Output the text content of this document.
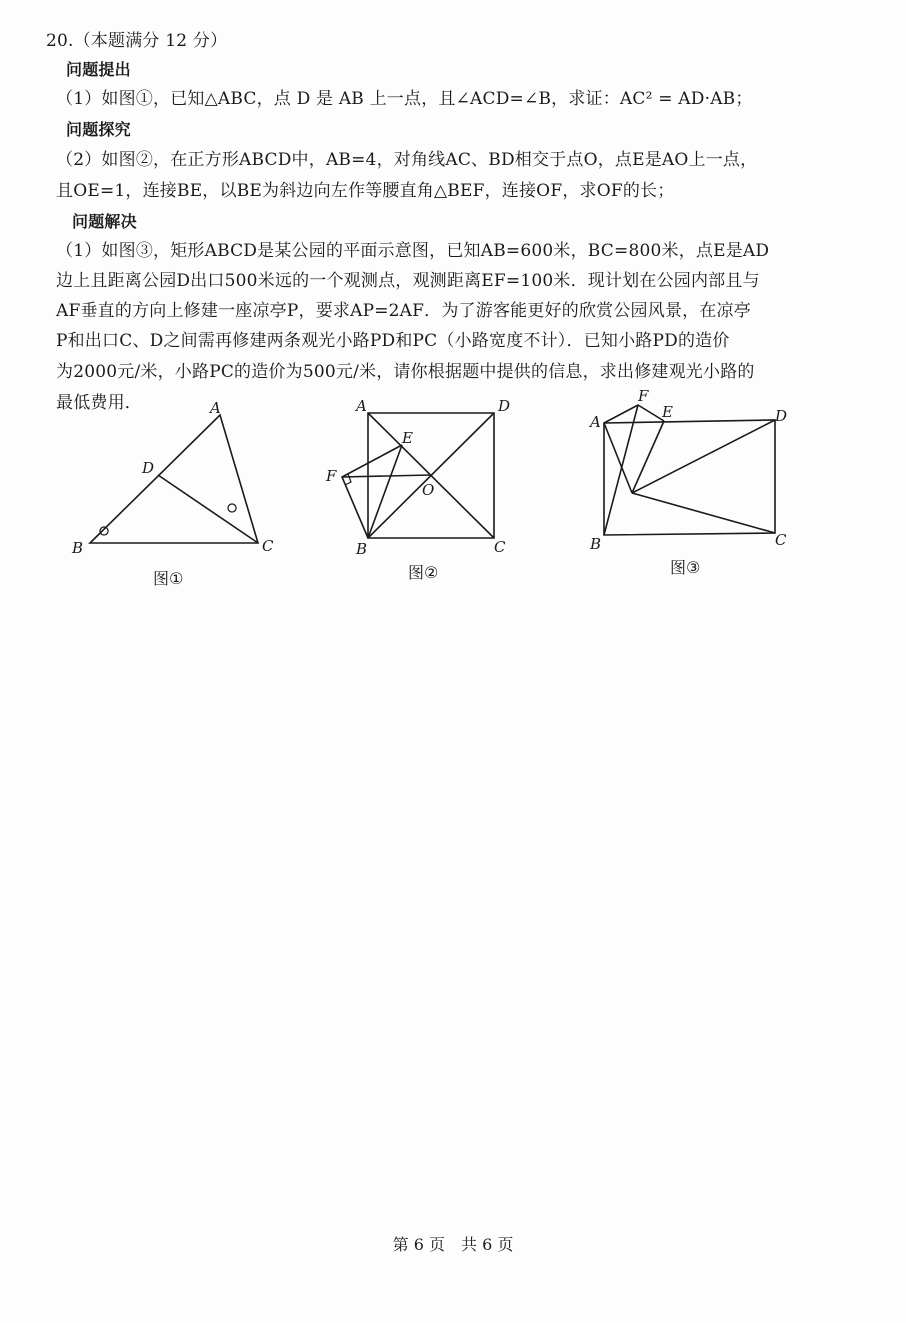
20.（本题满分 12 分）
问题提出
（1）如图①，已知△ABC，点 D 是 AB 上一点，且∠ACD=∠B，求证：AC² = AD·AB；
问题探究
（2）如图②，在正方形ABCD中，AB=4，对角线AC、BD相交于点O，点E是AO上一点，
且OE=1，连接BE，以BE为斜边向左作等腰直角△BEF，连接OF，求OF的长；
问题解决
（1）如图③，矩形ABCD是某公园的平面示意图，已知AB=600米，BC=800米，点E是AD
边上且距离公园D出口500米远的一个观测点，观测距离EF=100米．现计划在公园内部且与
AF垂直的方向上修建一座凉亭P，要求AP=2AF．为了游客能更好的欣赏公园风景，在凉亭
P和出口C、D之间需再修建两条观光小路PD和PC（小路宽度不计）．已知小路PD的造价
为2000元/米，小路PC的造价为500元/米，请你根据题中提供的信息，求出修建观光小路的
最低费用．	A
B	C
D
图①
A	D
B	C
E
F
O
图②
A
F
E	D
B	C
图③
第 6 页　共 6 页
